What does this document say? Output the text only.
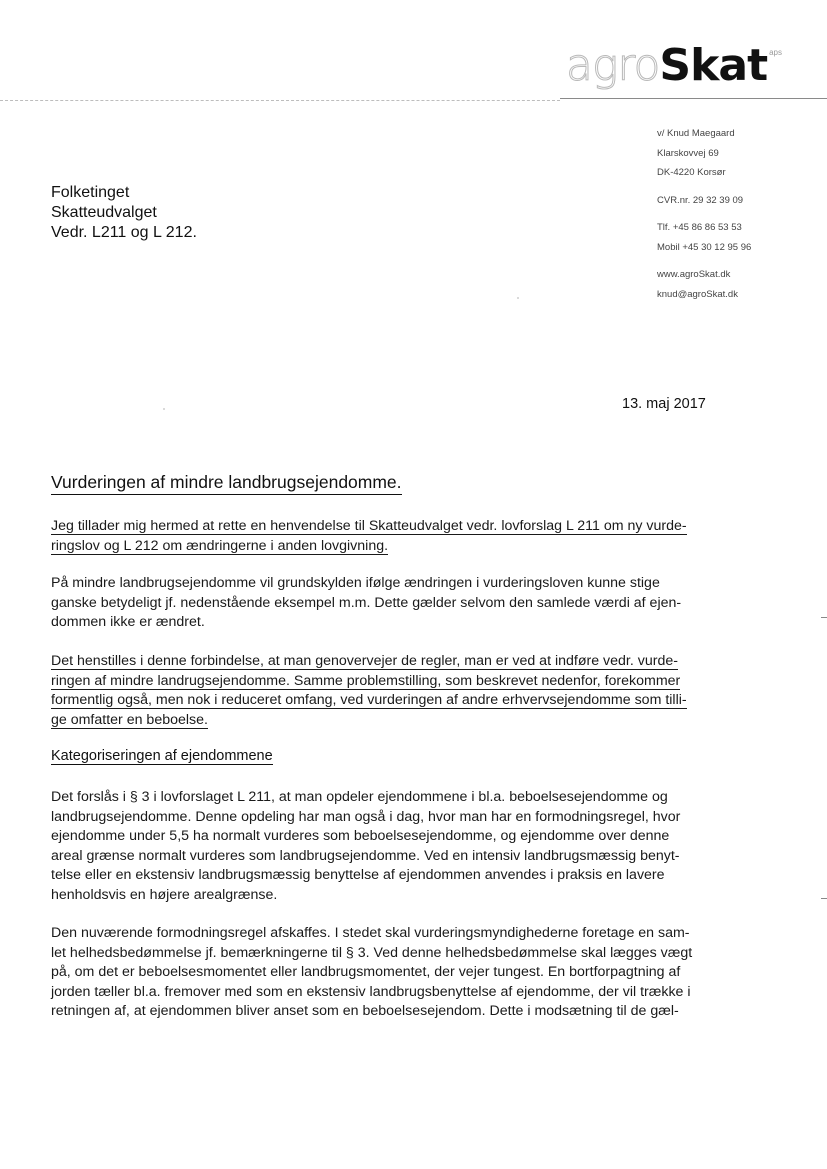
agroSkat $^{aps}$
v/ Knud Maegaard
Klarskovvej 69
DK-4220 Korsør
CVR.nr. 29 32 39 09
Tlf. +45 86 86 53 53
Mobil +45 30 12 95 96
www.agroSkat.dk
knud@agroSkat.dk
Folketinget
Skatteudvalget
Vedr. L211 og L 212.
13. maj 2017
Vurderingen af mindre landbrugsejendomme.
Jeg tillader mig hermed at rette en henvendelse til Skatteudvalget vedr. lovforslag L 211 om ny vurde-
ringslov og L 212 om ændringerne i anden lovgivning.
På mindre landbrugsejendomme vil grundskylden ifølge ændringen i vurderingsloven kunne stige
ganske betydeligt jf. nedenstående eksempel m.m. Dette gælder selvom den samlede værdi af ejen-
dommen ikke er ændret.
Det henstilles i denne forbindelse, at man genovervejer de regler, man er ved at indføre vedr. vurde-
ringen af mindre landrugsejendomme. Samme problemstilling, som beskrevet nedenfor, forekommer
formentlig også, men nok i reduceret omfang, ved vurderingen af andre erhvervsejendomme som tilli-
ge omfatter en beboelse.
Kategoriseringen af ejendommene
Det forslås i § 3 i lovforslaget L 211, at man opdeler ejendommene i bl.a. beboelsesejendomme og
landbrugsejendomme. Denne opdeling har man også i dag, hvor man har en formodningsregel, hvor
ejendomme under 5,5 ha normalt vurderes som beboelsesejendomme, og ejendomme over denne
areal grænse normalt vurderes som landbrugsejendomme. Ved en intensiv landbrugsmæssig benyt-
telse eller en ekstensiv landbrugsmæssig benyttelse af ejendommen anvendes i praksis en lavere
henholdsvis en højere arealgrænse.
Den nuværende formodningsregel afskaffes. I stedet skal vurderingsmyndighederne foretage en sam-
let helhedsbedømmelse jf. bemærkningerne til § 3. Ved denne helhedsbedømmelse skal lægges vægt
på, om det er beboelsesmomentet eller landbrugsmomentet, der vejer tungest. En bortforpagtning af
jorden tæller bl.a. fremover med som en ekstensiv landbrugsbenyttelse af ejendomme, der vil trække i
retningen af, at ejendommen bliver anset som en beboelsesejendom. Dette i modsætning til de gæl-
